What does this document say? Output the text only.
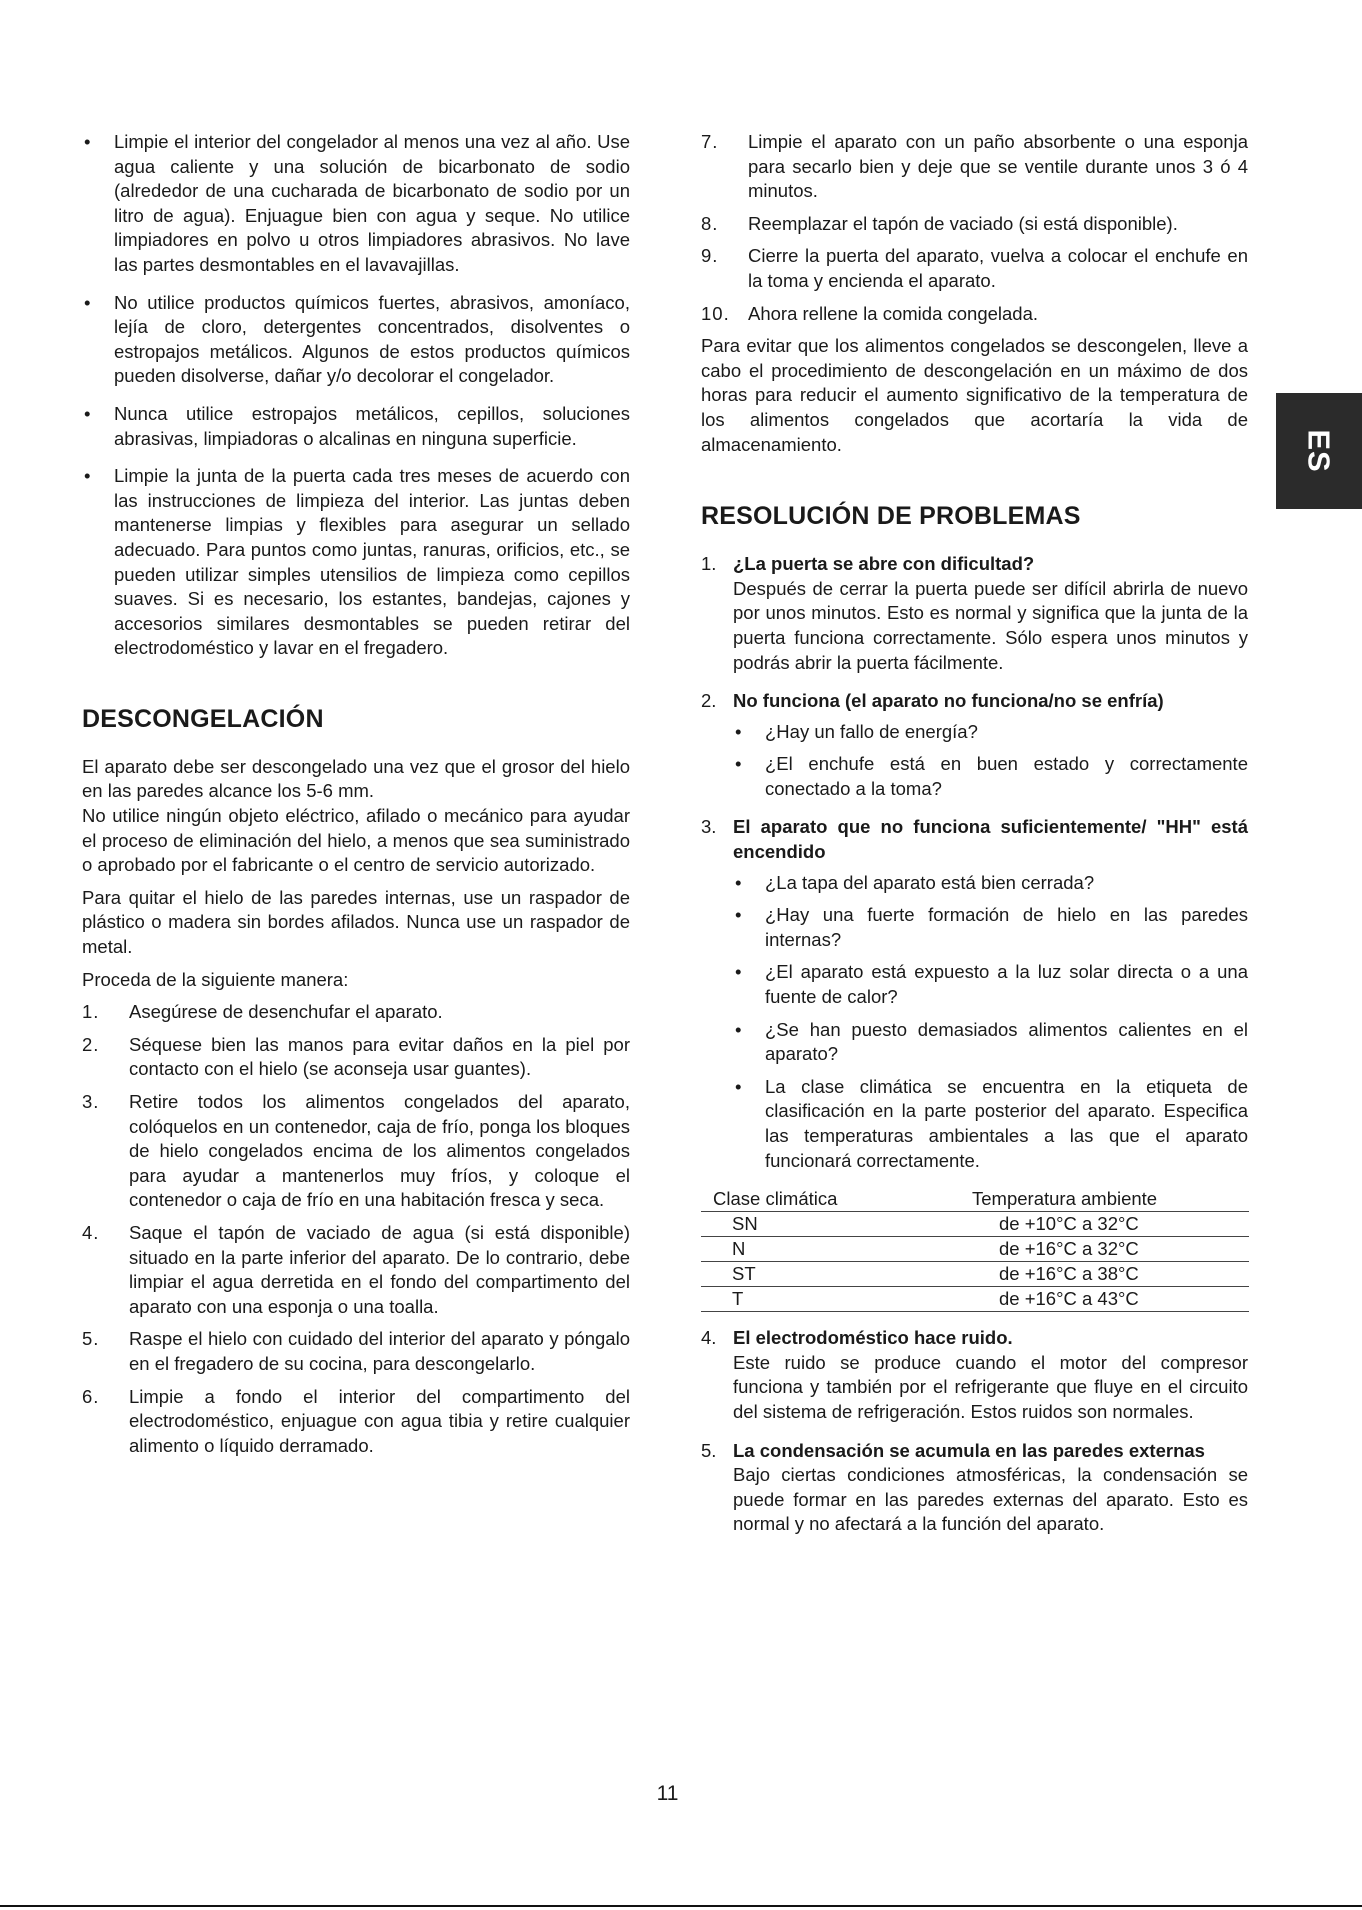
• Limpie el interior del congelador al menos una vez al año. Use agua caliente y una solución de bicarbonato de sodio (alrededor de una cucharada de bicarbonato de sodio por un litro de agua). Enjuague bien con agua y seque. No utilice limpiadores en polvo u otros limpiadores abrasivos. No lave las partes desmontables en el lavavajillas.
• No utilice productos químicos fuertes, abrasivos, amoníaco, lejía de cloro, detergentes concentrados, disolventes o estropajos metálicos. Algunos de estos productos químicos pueden disolverse, dañar y/o decolorar el congelador.
• Nunca utilice estropajos metálicos, cepillos, soluciones abrasivas, limpiadoras o alcalinas en ninguna superficie.
• Limpie la junta de la puerta cada tres meses de acuerdo con las instrucciones de limpieza del interior. Las juntas deben mantenerse limpias y flexibles para asegurar un sellado adecuado. Para puntos como juntas, ranuras, orificios, etc., se pueden utilizar simples utensilios de limpieza como cepillos suaves. Si es necesario, los estantes, bandejas, cajones y accesorios similares desmontables se pueden retirar del electrodoméstico y lavar en el fregadero.
DESCONGELACIÓN

El aparato debe ser descongelado una vez que el grosor del hielo en las paredes alcance los 5-6 mm.

No utilice ningún objeto eléctrico, afilado o mecánico para ayudar el proceso de eliminación del hielo, a menos que sea suministrado o aprobado por el fabricante o el centro de servicio autorizado.

Para quitar el hielo de las paredes internas, use un raspador de plástico o madera sin bordes afilados. Nunca use un raspador de metal.

Proceda de la siguiente manera:

1. Asegúrese de desenchufar el aparato.
2. Séquese bien las manos para evitar daños en la piel por contacto con el hielo (se aconseja usar guantes).
3. Retire todos los alimentos congelados del aparato, colóquelos en un contenedor, caja de frío, ponga los bloques de hielo congelados encima de los alimentos congelados para ayudar a mantenerlos muy fríos, y coloque el contenedor o caja de frío en una habitación fresca y seca.
4. Saque el tapón de vaciado de agua (si está disponible) situado en la parte inferior del aparato. De lo contrario, debe limpiar el agua derretida en el fondo del compartimento del aparato con una esponja o una toalla.
5. Raspe el hielo con cuidado del interior del aparato y póngalo en el fregadero de su cocina, para descongelarlo.
6. Limpie a fondo el interior del compartimento del electrodoméstico, enjuague con agua tibia y retire cualquier alimento o líquido derramado.
7. Limpie el aparato con un paño absorbente o una esponja para secarlo bien y deje que se ventile durante unos 3 ó 4 minutos.
8. Reemplazar el tapón de vaciado (si está disponible).
9. Cierre la puerta del aparato, vuelva a colocar el enchufe en la toma y encienda el aparato.
10. Ahora rellene la comida congelada.

Para evitar que los alimentos congelados se descongelen, lleve a cabo el procedimiento de descongelación en un máximo de dos horas para reducir el aumento significativo de la temperatura de los alimentos congelados que acortaría la vida de almacenamiento.

RESOLUCIÓN DE PROBLEMAS
1. ¿La puerta se abre con dificultad?
Después de cerrar la puerta puede ser difícil abrirla de nuevo por unos minutos. Esto es normal y significa que la junta de la puerta funciona correctamente. Sólo espera unos minutos y podrás abrir la puerta fácilmente.
2. No funciona (el aparato no funciona/no se enfría)
• ¿Hay un fallo de energía?
• ¿El enchufe está en buen estado y correctamente conectado a la toma?
3. El aparato que no funciona suficientemente/ "HH" está encendido
• ¿La tapa del aparato está bien cerrada?
• ¿Hay una fuerte formación de hielo en las paredes internas?
• ¿El aparato está expuesto a la luz solar directa o a una fuente de calor?
• ¿Se han puesto demasiados alimentos calientes en el aparato?
• La clase climática se encuentra en la etiqueta de clasificación en la parte posterior del aparato. Especifica las temperaturas ambientales a las que el aparato funcionará correctamente.
Clase climática	Temperatura ambiente
SN	de +10°C a 32°C
N	de +16°C a 32°C
ST	de +16°C a 38°C
T	de +16°C a 43°C
4. El electrodoméstico hace ruido.
Este ruido se produce cuando el motor del compresor funciona y también por el refrigerante que fluye en el circuito del sistema de refrigeración. Estos ruidos son normales.
5. La condensación se acumula en las paredes externas
Bajo ciertas condiciones atmosféricas, la condensación se puede formar en las paredes externas del aparato. Esto es normal y no afectará a la función del aparato.
ES
11
